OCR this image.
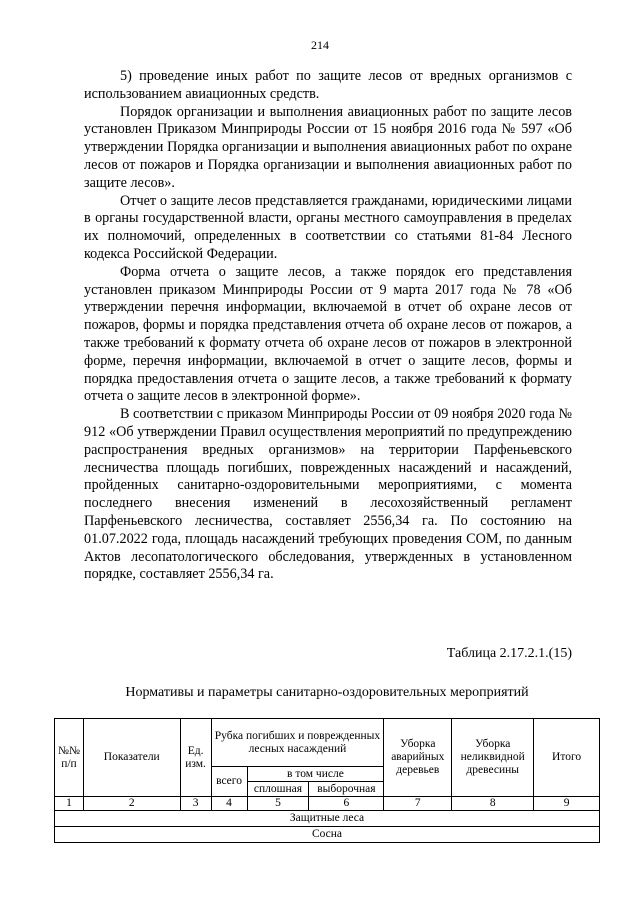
214

5) проведение иных работ по защите лесов от вредных организмов с использованием авиационных средств.

Порядок организации и выполнения авиационных работ по защите лесов установлен Приказом Минприроды России от 15 ноября 2016 года № 597 «Об утверждении Порядка организации и выполнения авиационных работ по охране лесов от пожаров и Порядка организации и выполнения авиационных работ по защите лесов».

Отчет о защите лесов представляется гражданами, юридическими лицами в органы государственной власти, органы местного самоуправления в пределах их полномочий, определенных в соответствии со статьями 81-84 Лесного кодекса Российской Федерации.

Форма отчета о защите лесов, а также порядок его представления установлен приказом Минприроды России от 9 марта 2017 года № 78 «Об утверждении перечня информации, включаемой в отчет об охране лесов от пожаров, формы и порядка представления отчета об охране лесов от пожаров, а также требований к формату отчета об охране лесов от пожаров в электронной форме, перечня информации, включаемой в отчет о защите лесов, формы и порядка предоставления отчета о защите лесов, а также требований к формату отчета о защите лесов в электронной форме».

В соответствии с приказом Минприроды России от 09 ноября 2020 года № 912 «Об утверждении Правил осуществления мероприятий по предупреждению распространения вредных организмов» на территории Парфеньевского лесничества площадь погибших, поврежденных насаждений и насаждений, пройденных санитарно-оздоровительными мероприятиями, с момента последнего внесения изменений в лесохозяйственный регламент Парфеньевского лесничества, составляет 2556,34 га. По состоянию на 01.07.2022 года, площадь насаждений требующих проведения СОМ, по данным Актов лесопатологического обследования, утвержденных в установленном порядке, составляет 2556,34 га.

Таблица 2.17.2.1.(15)
Нормативы и параметры санитарно-оздоровительных мероприятий
№№ п/п	Показатели	Ед. изм.	Рубка погибших и поврежденных лесных насаждений			Уборка аварийных деревьев	Уборка неликвидной древесины	Итого
			всего	в том числе				
				сплошная	выборочная			
1	2	3	4	5	6	7	8	9
Защитные леса								
Сосна								
